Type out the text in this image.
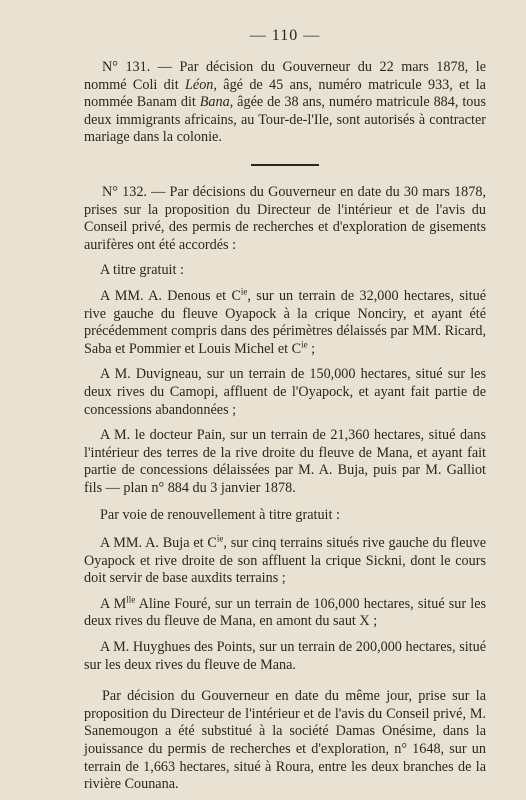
— 110 —

N° 131. — Par décision du Gouverneur du 22 mars 1878, le nommé Coli dit Léon, âgé de 45 ans, numéro matricule 933, et la nommée Banam dit Bana, âgée de 38 ans, numéro matricule 884, tous deux immigrants africains, au Tour-de-l'Ile, sont autorisés à contracter mariage dans la colonie.

N° 132. — Par décisions du Gouverneur en date du 30 mars 1878, prises sur la proposition du Directeur de l'intérieur et de l'avis du Conseil privé, des permis de recherches et d'exploration de gisements aurifères ont été accordés :

A titre gratuit :

A MM. A. Denous et $C^{ie}$, sur un terrain de 32,000 hectares, situé rive gauche du fleuve Oyapock à la crique Nonciry, et ayant été précédemment compris dans des périmètres délaissés par MM. Ricard, Saba et Pommier et Louis Michel et $C^{ie}$ ;

A M. Duvigneau, sur un terrain de 150,000 hectares, situé sur les deux rives du Camopi, affluent de l'Oyapock, et ayant fait partie de concessions abandonnées ;

A M. le docteur Pain, sur un terrain de 21,360 hectares, situé dans l'intérieur des terres de la rive droite du fleuve de Mana, et ayant fait partie de concessions délaissées par M. A. Buja, puis par M. Galliot fils — plan n° 884 du 3 janvier 1878.

Par voie de renouvellement à titre gratuit :

A MM. A. Buja et $C^{ie}$, sur cinq terrains situés rive gauche du fleuve Oyapock et rive droite de son affluent la crique Sickni, dont le cours doit servir de base auxdits terrains ;

A $M^{lle}$ Aline Fouré, sur un terrain de 106,000 hectares, situé sur les deux rives du fleuve de Mana, en amont du saut X ;

A M. Huyghues des Points, sur un terrain de 200,000 hectares, situé sur les deux rives du fleuve de Mana.

Par décision du Gouverneur en date du même jour, prise sur la proposition du Directeur de l'intérieur et de l'avis du Conseil privé, M. Sanemougon a été substitué à la société Damas Onésime, dans la jouissance du permis de recherches et d'exploration, n° 1648, sur un terrain de 1,663 hectares, situé à Roura, entre les deux branches de la rivière Counana.
